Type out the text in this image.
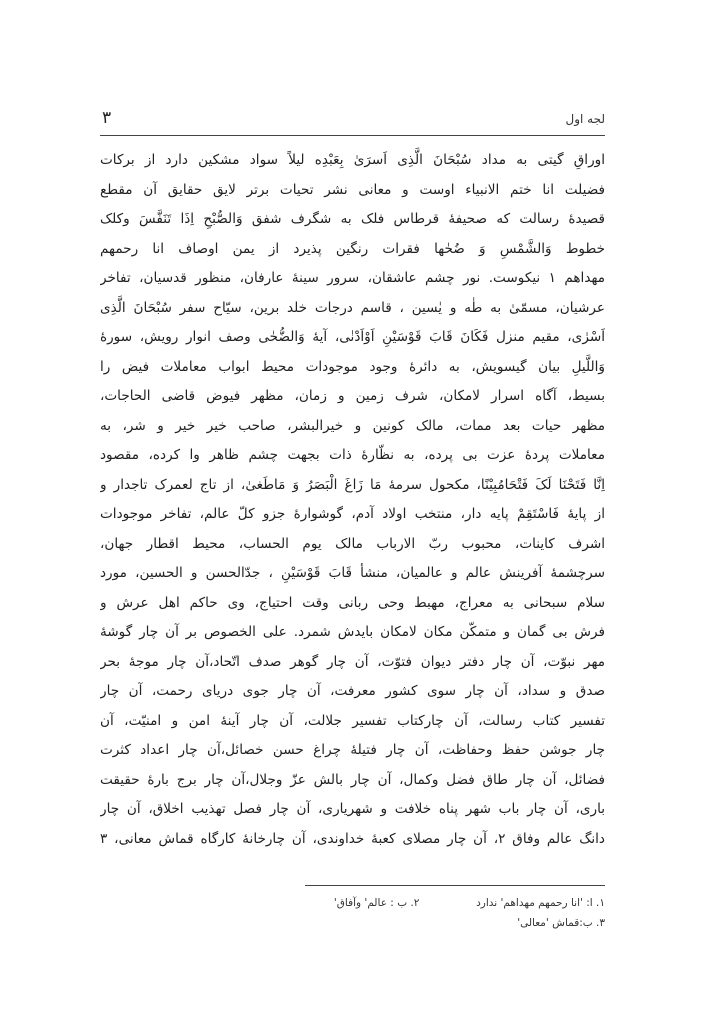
لجه اول
۳
اوراقِ گیتی به مداد سُبْحَانَ الَّذِی اَسرَیٰ بِعَبْدِه لیلاً سواد مشکین دارد از برکات
فضیلت انا ختم الانبیاء اوست و معانی نشر تحیات برتر لایق حقایق آن مقطع
قصیدهٔ رسالت که صحیفهٔ قرطاس فلک به شگرف شفق وَالصُّبْحِ اِذَا تَنَفَّسَ وکلک
خطوط وَالشَّمْسِ وَ ضُحٰها فقرات رنگین پذیرد از یمن اوصاف انا رحمهم
مهداهم ۱ نیکوست. نور چشم عاشقان، سرور سینهٔ عارفان، منظور قدسیان، تفاخر
عرشیان، مسمّیٰ به طٰه و یٰسین ، قاسم درجات خلد برین، سیّاح سفر سُبْحَانَ الَّذِی
اَسْرٰی، مقیم منزل فَکَانَ قَابَ قَوْسَیْنِ اَوْاَدْنٰی، آیهٔ وَالضُّحٰی وصف انوار رویش، سورهٔ
وَاللَّیلِ بیان گیسویش، به دائرهٔ وجود موجودات محیط ابواب معاملات فیض را
بسیط، آگاه اسرار لامکان، شرف زمین و زمان، مظهر فیوض قاضی الحاجات،
مظهر حیات بعد ممات، مالک کونین و خیرالبشر، صاحب خیر خیر و شر، به
معاملات پردهٔ عزت بی پرده، به نظّارهٔ ذات بجهت چشم ظاهر وا کرده، مقصود
اِنَّا فَتَحْنَا لَکَ فَتْحَامُبِیْنًا، مکحول سرمهٔ مَا زَاغَ الْبَصَرُ وَ مَاطَغیٰ، از تاج لعمرک تاجدار و
از پایهٔ فَاسْتَقِمْ پایه دار، منتخب اولاد آدم، گوشوارهٔ جزو کلّ عالم، تفاخر موجودات
اشرف کاینات، محبوب ربّ الارباب مالک یوم الحساب، محیط اقطار جهان،
سرچشمهٔ آفرینش عالم و عالمیان، منشأ قَابَ قَوْسَیْنِ ، جدّالحسن و الحسین، مورد
سلام سبحانی به معراج، مهبط وحی ربانی وقت احتیاج، وی حاکم اهل عرش و
فرش بی گمان و متمکّن مکان لامکان بایدش شمرد. علی الخصوص بر آن چار گوشهٔ
مهر نبوّت، آن چار دفتر دیوان فتوّت، آن چار گوهر صدف اتّحاد،آن چار موجهٔ بحر
صدق و سداد، آن چار سوی کشور معرفت، آن چار جوی دریای رحمت، آن چار
تفسیر کتاب رسالت، آن چارکتاب تفسیر جلالت، آن چار آینهٔ امن و امنیّت، آن
چار جوشن حفظ وحفاظت، آن چار فتیلهٔ چراغ حسن خصائل،آن چار اعداد کثرت
فضائل، آن چار طاق فضل وکمال، آن چار بالش عزّ وجلال،آن چار برج بارهٔ حقیقت
باری، آن چار باب شهر پناه خلافت و شهریاری، آن چار فصل تهذیب اخلاق، آن چار
دانگ عالم وفاق ۲، آن چار مصلای کعبهٔ خداوندی، آن چارخانهٔ کارگاه قماش معانی، ۳
۱. ا: 'انا رحمهم مهداهم' ندارد  ۲. ب : عالم' وآفاق'
۳. ب:قماش 'معالی'
